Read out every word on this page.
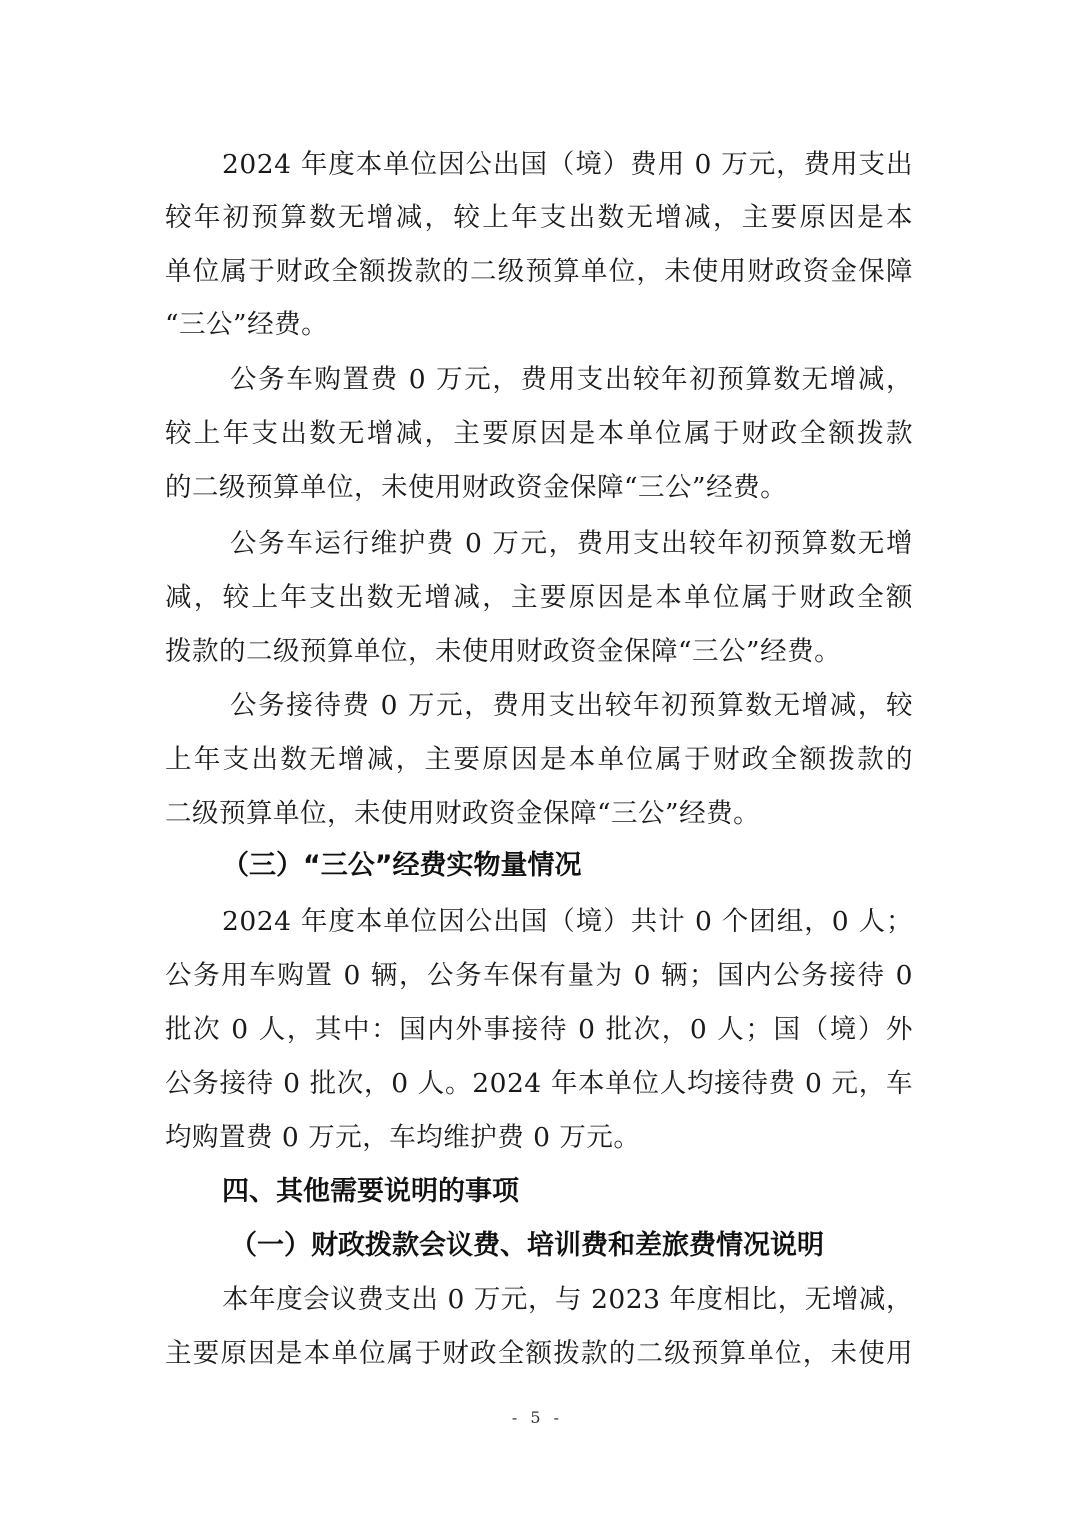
2024 年度本单位因公出国（境）费用 0 万元，费用支出
较年初预算数无增减，较上年支出数无增减，主要原因是本
单位属于财政全额拨款的二级预算单位，未使用财政资金保障
“三公”经费。
公务车购置费 0 万元，费用支出较年初预算数无增减，
较上年支出数无增减，主要原因是本单位属于财政全额拨款
的二级预算单位，未使用财政资金保障“三公”经费。
公务车运行维护费 0 万元，费用支出较年初预算数无增
减，较上年支出数无增减，主要原因是本单位属于财政全额
拨款的二级预算单位，未使用财政资金保障“三公”经费。
公务接待费 0 万元，费用支出较年初预算数无增减，较
上年支出数无增减，主要原因是本单位属于财政全额拨款的
二级预算单位，未使用财政资金保障“三公”经费。
（三）“三公”经费实物量情况
2024 年度本单位因公出国（境）共计 0 个团组，0 人；
公务用车购置 0 辆，公务车保有量为 0 辆；国内公务接待 0
批次 0 人，其中：国内外事接待 0 批次，0 人；国（境）外
公务接待 0 批次，0 人。2024 年本单位人均接待费 0 元，车
均购置费 0 万元，车均维护费 0 万元。
四、其他需要说明的事项
（一）财政拨款会议费、培训费和差旅费情况说明
本年度会议费支出 0 万元，与 2023 年度相比，无增减，
主要原因是本单位属于财政全额拨款的二级预算单位，未使用
- 5 -
